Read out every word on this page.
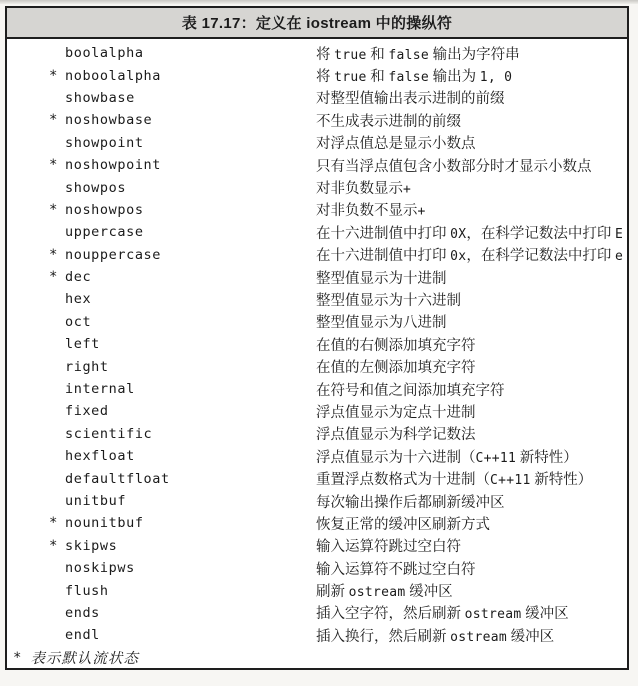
表 17.17：定义在 iostream 中的操纵符
boolalpha	将 true 和 false 输出为字符串
* noboolalpha	将 true 和 false 输出为 1, 0
showbase	对整型值输出表示进制的前缀
* noshowbase	不生成表示进制的前缀
showpoint	对浮点值总是显示小数点
* noshowpoint	只有当浮点值包含小数部分时才显示小数点
showpos	对非负数显示+
* noshowpos	对非负数不显示+
uppercase	在十六进制值中打印 0X，在科学记数法中打印 E
* nouppercase	在十六进制值中打印 0x，在科学记数法中打印 e
* dec	整型值显示为十进制
hex	整型值显示为十六进制
oct	整型值显示为八进制
left	在值的右侧添加填充字符
right	在值的左侧添加填充字符
internal	在符号和值之间添加填充字符
fixed	浮点值显示为定点十进制
scientific	浮点值显示为科学记数法
hexfloat	浮点值显示为十六进制（C++11 新特性）
defaultfloat	重置浮点数格式为十进制（C++11 新特性）
unitbuf	每次输出操作后都刷新缓冲区
* nounitbuf	恢复正常的缓冲区刷新方式
* skipws	输入运算符跳过空白符
noskipws	输入运算符不跳过空白符
flush	刷新 ostream 缓冲区
ends	插入空字符，然后刷新 ostream 缓冲区
endl	插入换行，然后刷新 ostream 缓冲区
* 表示默认流状态
